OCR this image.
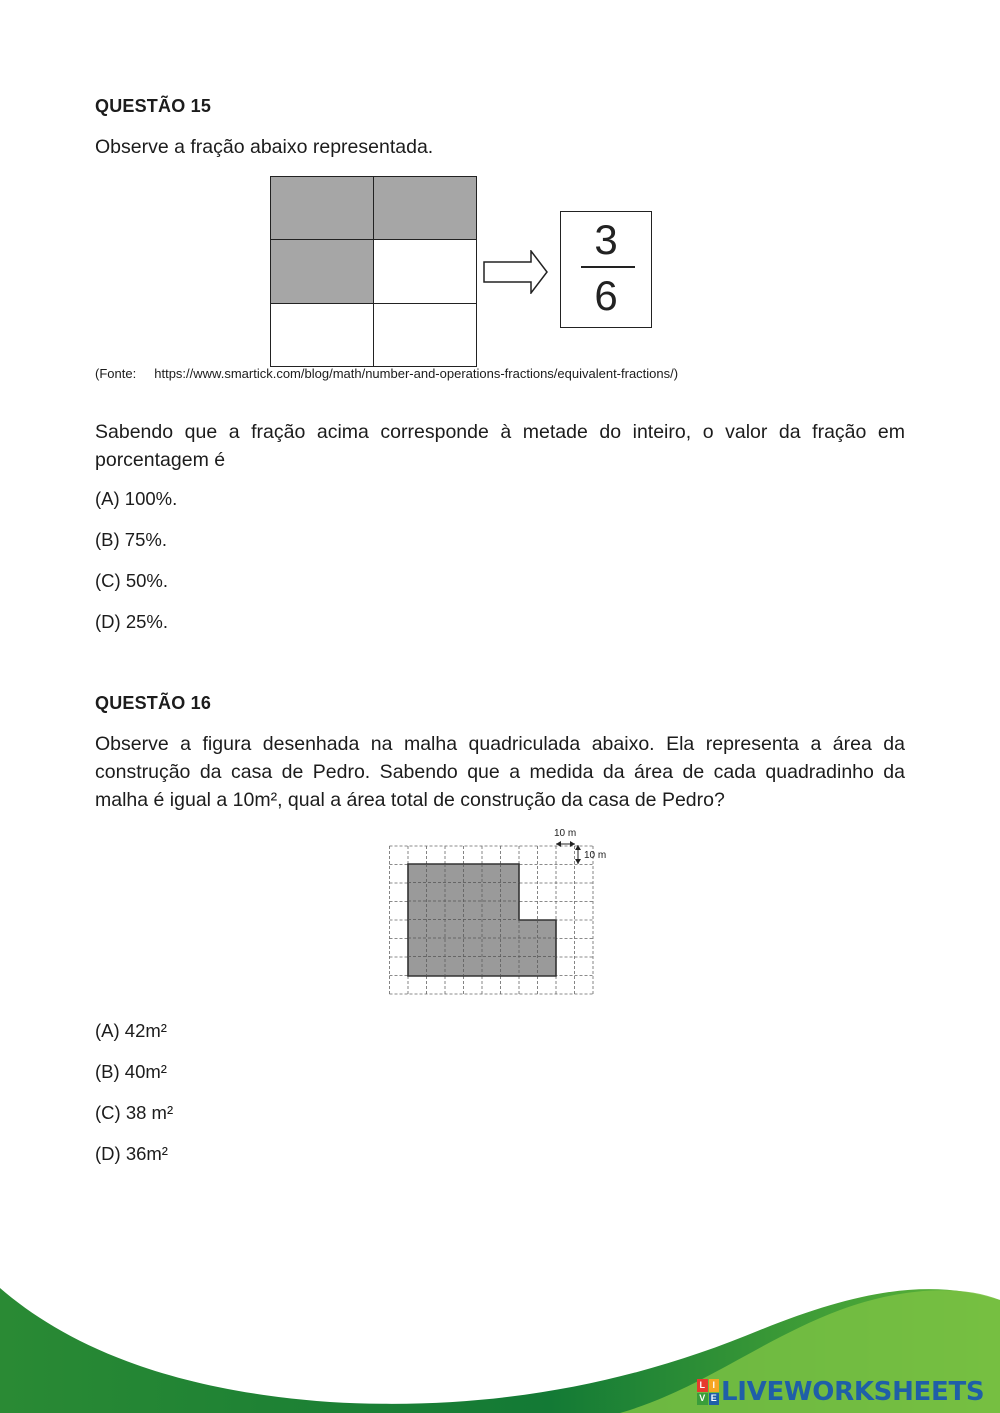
QUESTÃO 15
Observe a fração abaixo representada.
3
6
(Fonte: https://www.smartick.com/blog/math/number-and-operations-fractions/equivalent-fractions/)
Sabendo que a fração acima corresponde à metade do inteiro, o valor da fração em porcentagem é
(A) 100%.
(B) 75%.
(C) 50%.
(D) 25%.
QUESTÃO 16
Observe a figura desenhada na malha quadriculada abaixo. Ela representa a área da construção da casa de Pedro. Sabendo que a medida da área de cada quadradinho da malha é igual a 10m², qual a área total de construção da casa de Pedro?
10 m
10 m
(A) 42m²
(B) 40m²
(C) 38 m²
(D) 36m²
L I
V E LIVEWORKSHEETS
